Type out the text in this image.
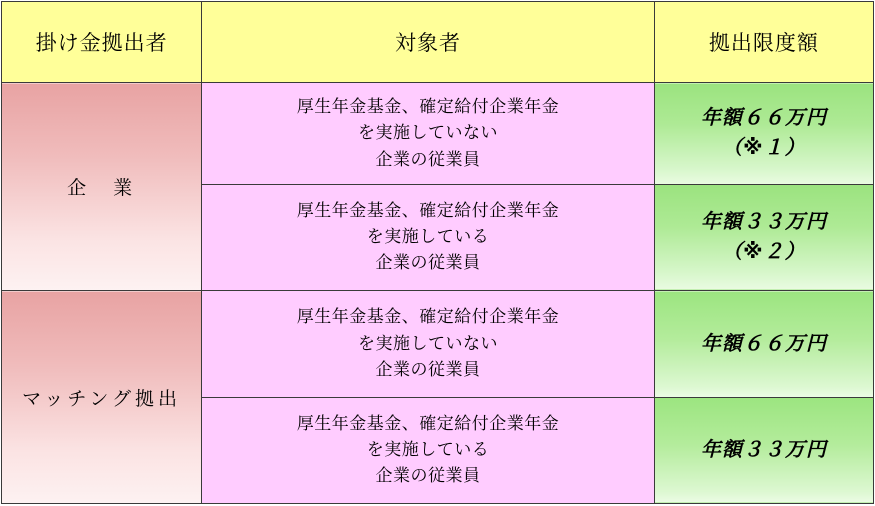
掛け金拠出者	対象者	拠出限度額
企　業	厚生年金基金、確定給付企業年金
を実施していない
企業の従業員	年額６６万円
（※１）

	厚生年金基金、確定給付企業年金
を実施している
企業の従業員	年額３３万円
（※２）

マッチング拠出	厚生年金基金、確定給付企業年金
を実施していない
企業の従業員	年額６６万円

	厚生年金基金、確定給付企業年金
を実施している
企業の従業員	年額３３万円
